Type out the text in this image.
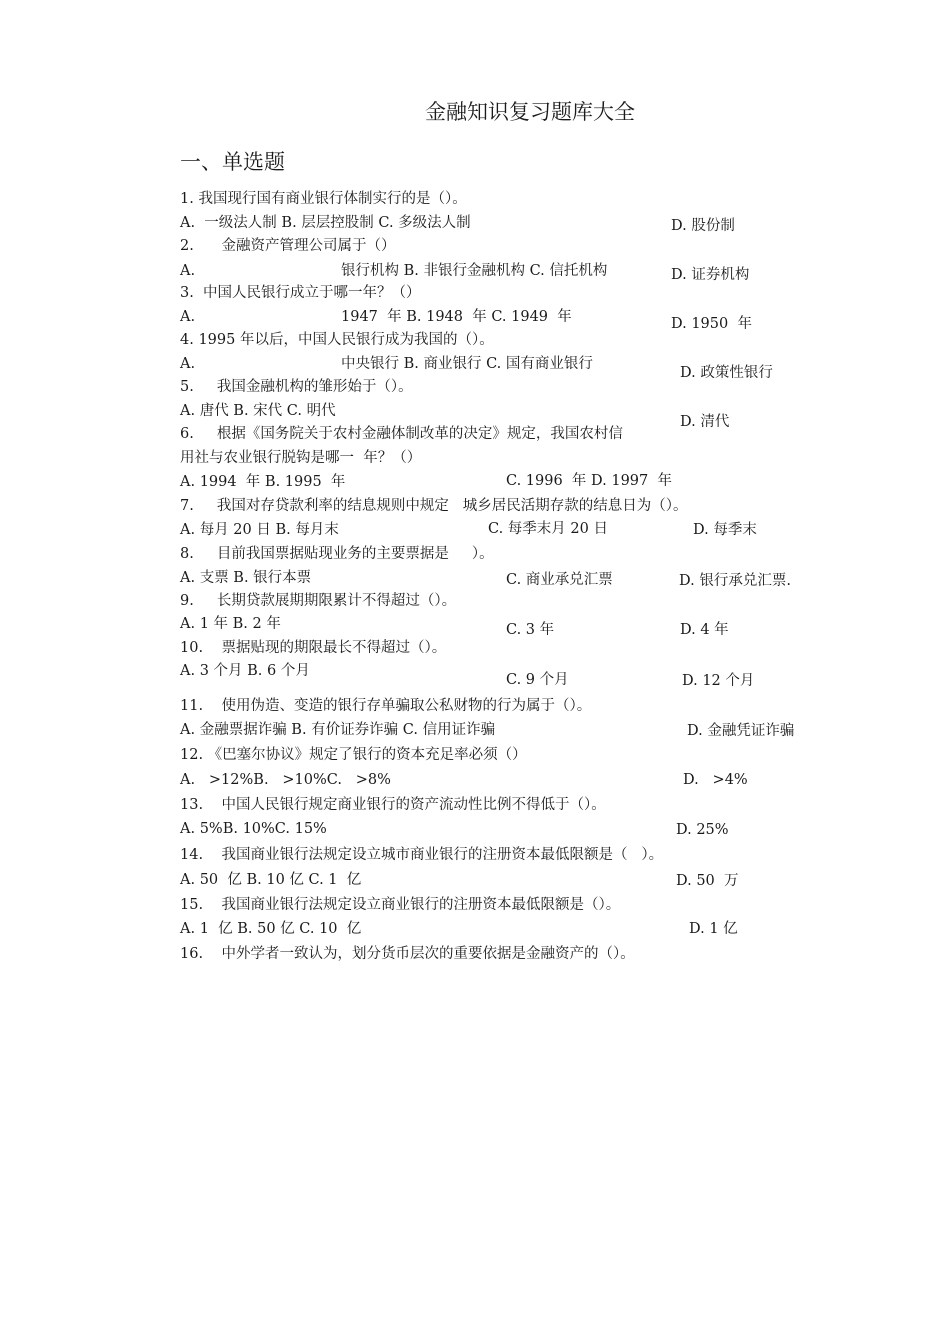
金融知识复习题库大全
一、单选题
1. 我国现行国有商业银行体制实行的是（）。
A.  一级法人制 B. 层层控股制 C. 多级法人制	D. 股份制
2.      金融资产管理公司属于（）
A.	银行机构 B. 非银行金融机构 C. 信托机构	D. 证券机构
3.  中国人民银行成立于哪一年？（）
A.	1947  年 B. 1948  年 C. 1949  年	D. 1950  年
4. 1995 年以后，中国人民银行成为我国的（）。
A.	中央银行 B. 商业银行 C. 国有商业银行
D. 政策性银行
5.     我国金融机构的雏形始于（）。
A. 唐代 B. 宋代 C. 明代
D. 清代
6.     根据《国务院关于农村金融体制改革的决定》规定，我国农村信
用社与农业银行脱钩是哪一  年？（）
A. 1994  年 B. 1995  年	C. 1996  年 D. 1997  年
7.     我国对存贷款利率的结息规则中规定   城乡居民活期存款的结息日为（）。
A. 每月 20 日 B. 每月末	C. 每季末月 20 日	D. 每季末
8.     目前我国票据贴现业务的主要票据是     ）。
A. 支票 B. 银行本票	C. 商业承兑汇票	D. 银行承兑汇票.
9.     长期贷款展期期限累计不得超过（）。
A. 1 年 B. 2 年	C. 3 年	D. 4 年
10.    票据贴现的期限最长不得超过（）。
A. 3 个月 B. 6 个月
C. 9 个月	D. 12 个月
11.    使用伪造、变造的银行存单骗取公私财物的行为属于（）。
A. 金融票据诈骗 B. 有价证券诈骗 C. 信用证诈骗	D. 金融凭证诈骗
12. 《巴塞尔协议》规定了银行的资本充足率必须（）
A.   >12%B.   >10%C.   >8%	D.   >4%
13.    中国人民银行规定商业银行的资产流动性比例不得低于（）。
A. 5%B. 10%C. 15%	D. 25%
14.    我国商业银行法规定设立城市商业银行的注册资本最低限额是（   ）。
A. 50  亿 B. 10 亿 C. 1  亿	D. 50  万
15.    我国商业银行法规定设立商业银行的注册资本最低限额是（）。
A. 1  亿 B. 50 亿 C. 10  亿	D. 1 亿
16.    中外学者一致认为，划分货币层次的重要依据是金融资产的（）。
